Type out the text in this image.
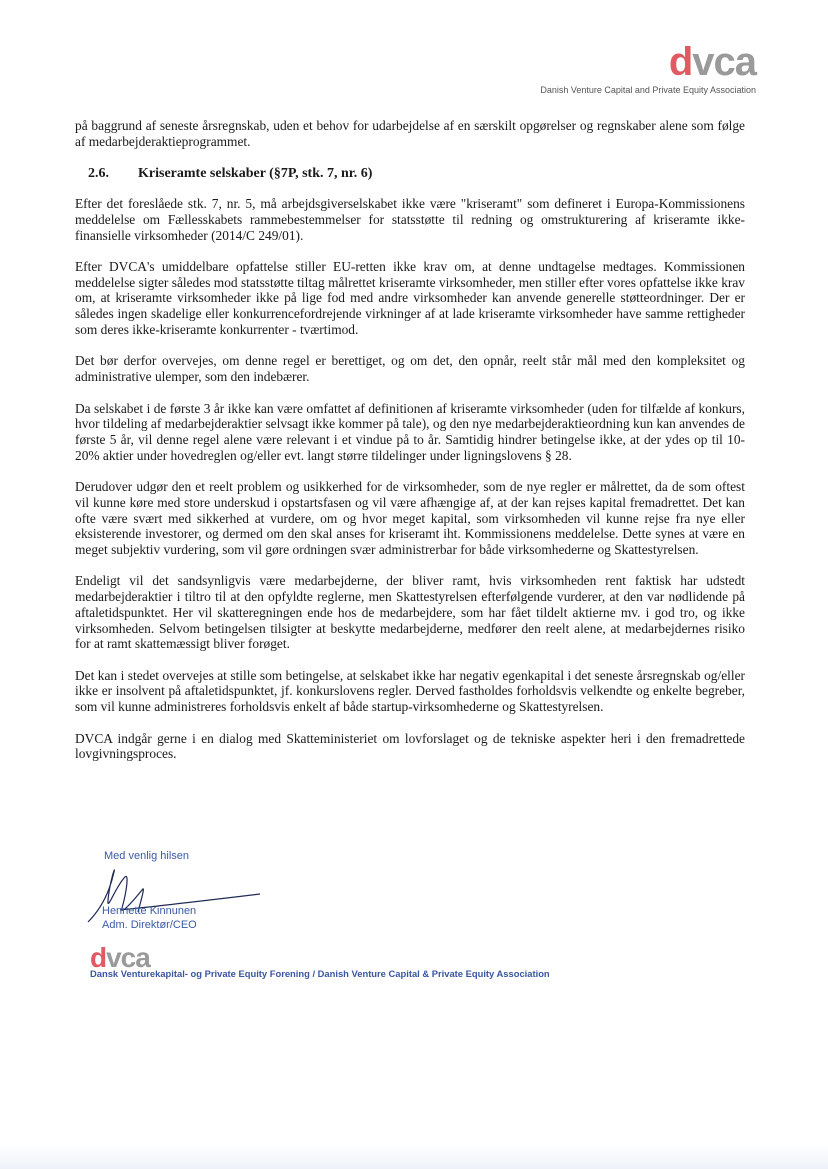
dvca
Danish Venture Capital and Private Equity Association

på baggrund af seneste årsregnskab, uden et behov for udarbejdelse af en særskilt opgørelser og regnskaber alene som følge af medarbejderaktieprogrammet.

2.6.	Kriseramte selskaber (§7P, stk. 7, nr. 6)

Efter det foreslåede stk. 7, nr. 5, må arbejdsgiverselskabet ikke være "kriseramt" som defineret i Europa-Kommissionens meddelelse om Fællesskabets rammebestemmelser for statsstøtte til redning og omstrukturering af kriseramte ikke-finansielle virksomheder (2014/C 249/01).

Efter DVCA's umiddelbare opfattelse stiller EU-retten ikke krav om, at denne undtagelse medtages. Kommissionen meddelelse sigter således mod statsstøtte tiltag målrettet kriseramte virksomheder, men stiller efter vores opfattelse ikke krav om, at kriseramte virksomheder ikke på lige fod med andre virksomheder kan anvende generelle støtteordninger. Der er således ingen skadelige eller konkurrencefordrejende virkninger af at lade kriseramte virksomheder have samme rettigheder som deres ikke-kriseramte konkurrenter - tværtimod.

Det bør derfor overvejes, om denne regel er berettiget, og om det, den opnår, reelt står mål med den kompleksitet og administrative ulemper, som den indebærer.

Da selskabet i de første 3 år ikke kan være omfattet af definitionen af kriseramte virksomheder (uden for tilfælde af konkurs, hvor tildeling af medarbejderaktier selvsagt ikke kommer på tale), og den nye medarbejderaktieordning kun kan anvendes de første 5 år, vil denne regel alene være relevant i et vindue på to år. Samtidig hindrer betingelse ikke, at der ydes op til 10-20% aktier under hovedreglen og/eller evt. langt større tildelinger under ligningslovens § 28.

Derudover udgør den et reelt problem og usikkerhed for de virksomheder, som de nye regler er målrettet, da de som oftest vil kunne køre med store underskud i opstartsfasen og vil være afhængige af, at der kan rejses kapital fremadrettet. Det kan ofte være svært med sikkerhed at vurdere, om og hvor meget kapital, som virksomheden vil kunne rejse fra nye eller eksisterende investorer, og dermed om den skal anses for kriseramt iht. Kommissionens meddelelse. Dette synes at være en meget subjektiv vurdering, som vil gøre ordningen svær administrerbar for både virksomhederne og Skattestyrelsen.

Endeligt vil det sandsynligvis være medarbejderne, der bliver ramt, hvis virksomheden rent faktisk har udstedt medarbejderaktier i tiltro til at den opfyldte reglerne, men Skattestyrelsen efterfølgende vurderer, at den var nødlidende på aftaletidspunktet. Her vil skatteregningen ende hos de medarbejdere, som har fået tildelt aktierne mv. i god tro, og ikke virksomheden. Selvom betingelsen tilsigter at beskytte medarbejderne, medfører den reelt alene, at medarbejdernes risiko for at ramt skattemæssigt bliver forøget.

Det kan i stedet overvejes at stille som betingelse, at selskabet ikke har negativ egenkapital i det seneste årsregnskab og/eller ikke er insolvent på aftaletidspunktet, jf. konkurslovens regler. Derved fastholdes forholdsvis velkendte og enkelte begreber, som vil kunne administreres forholdsvis enkelt af både startup-virksomhederne og Skattestyrelsen.

DVCA indgår gerne i en dialog med Skatteministeriet om lovforslaget og de tekniske aspekter heri i den fremadrettede lovgivningsproces.

Med venlig hilsen
Henriette Kinnunen
Adm. Direktør/CEO
dvca
Dansk Venturekapital- og Private Equity Forening / Danish Venture Capital & Private Equity Association
